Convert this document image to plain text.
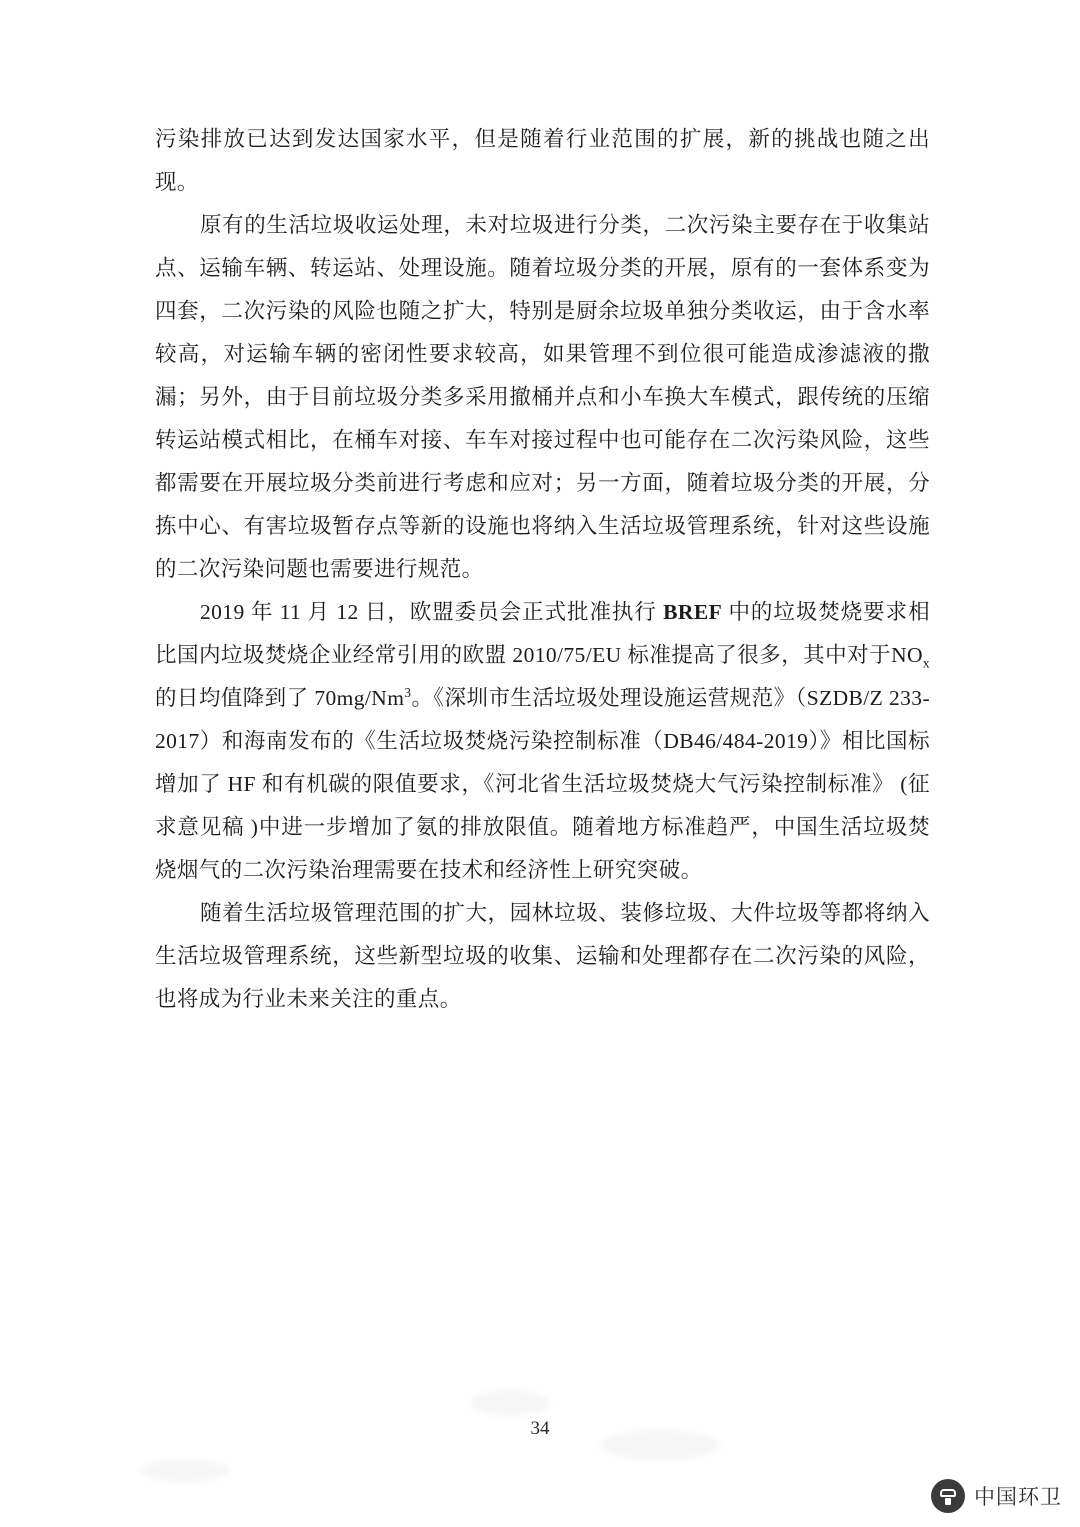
污染排放已达到发达国家水平，但是随着行业范围的扩展，新的挑战也随之出现。

原有的生活垃圾收运处理，未对垃圾进行分类，二次污染主要存在于收集站点、运输车辆、转运站、处理设施。随着垃圾分类的开展，原有的一套体系变为四套，二次污染的风险也随之扩大，特别是厨余垃圾单独分类收运，由于含水率较高，对运输车辆的密闭性要求较高，如果管理不到位很可能造成渗滤液的撒漏；另外，由于目前垃圾分类多采用撤桶并点和小车换大车模式，跟传统的压缩转运站模式相比，在桶车对接、车车对接过程中也可能存在二次污染风险，这些都需要在开展垃圾分类前进行考虑和应对；另一方面，随着垃圾分类的开展，分拣中心、有害垃圾暂存点等新的设施也将纳入生活垃圾管理系统，针对这些设施的二次污染问题也需要进行规范。

2019 年 11 月 12 日，欧盟委员会正式批准执行 BREF 中的垃圾焚烧要求相比国内垃圾焚烧企业经常引用的欧盟 2010/75/EU 标准提高了很多，其中对于$NO_x$的日均值降到了 70mg/Nm$^3$。《深圳市生活垃圾处理设施运营规范》（SZDB/Z 233-2017）和海南发布的《生活垃圾焚烧污染控制标准（DB46/484-2019）》相比国标增加了 HF 和有机碳的限值要求，《河北省生活垃圾焚烧大气污染控制标准》 (征求意见稿 )中进一步增加了氨的排放限值。随着地方标准趋严，中国生活垃圾焚烧烟气的二次污染治理需要在技术和经济性上研究突破。

随着生活垃圾管理范围的扩大，园林垃圾、装修垃圾、大件垃圾等都将纳入生活垃圾管理系统，这些新型垃圾的收集、运输和处理都存在二次污染的风险，也将成为行业未来关注的重点。

34
中国环卫
